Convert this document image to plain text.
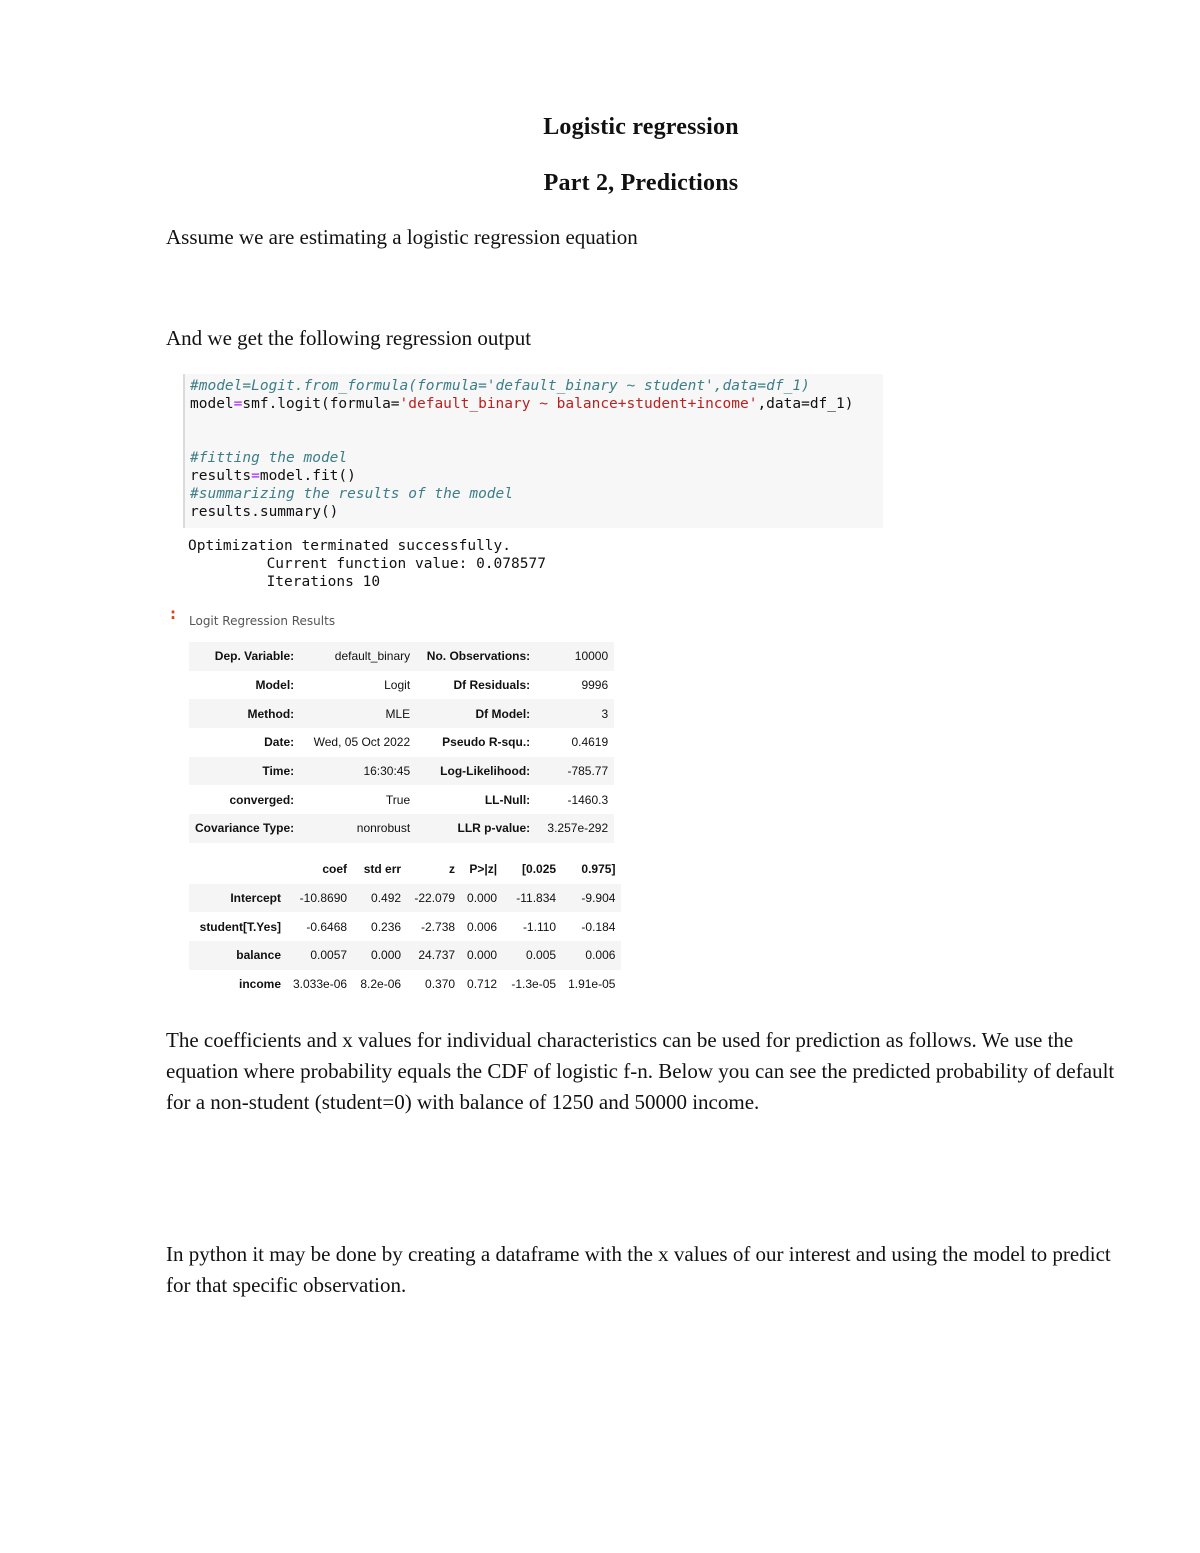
Logistic regression
Part 2, Predictions
Assume we are estimating a logistic regression equation
And we get the following regression output
#model=Logit.from_formula(formula='default_binary ~ student',data=df_1)
model=smf.logit(formula='default_binary ~ balance+student+income',data=df_1)
#fitting the model
results=model.fit()
#summarizing the results of the model
results.summary()
Optimization terminated successfully.
Current function value: 0.078577
Iterations 10
: Logit Regression Results
Dep. Variable:	default_binary	No. Observations:	10000
Model:	Logit	Df Residuals:	9996
Method:	MLE	Df Model:	3
Date:	Wed, 05 Oct 2022	Pseudo R-squ.:	0.4619
Time:	16:30:45	Log-Likelihood:	-785.77
converged:	True	LL-Null:	-1460.3
Covariance Type:	nonrobust	LLR p-value:	3.257e-292
	coef	std err	z	P>|z|	[0.025	0.975]
Intercept	-10.8690	0.492	-22.079	0.000	-11.834	-9.904
student[T.Yes]	-0.6468	0.236	-2.738	0.006	-1.110	-0.184
balance	0.0057	0.000	24.737	0.000	0.005	0.006
income	3.033e-06	8.2e-06	0.370	0.712	-1.3e-05	1.91e-05
The coefficients and x values for individual characteristics can be used for prediction as follows. We use the equation where probability equals the CDF of logistic f-n. Below you can see the predicted probability of default for a non-student (student=0) with balance of 1250 and 50000 income.
In python it may be done by creating a dataframe with the x values of our interest and using the model to predict for that specific observation.
